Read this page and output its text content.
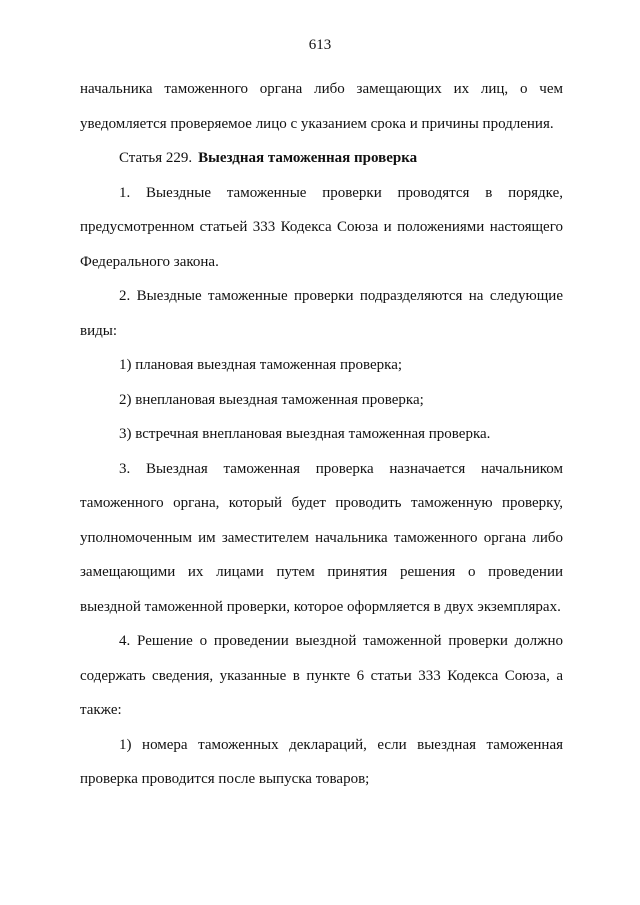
613

начальника таможенного органа либо замещающих их лиц, о чем уведомляется проверяемое лицо с указанием срока и причины продления.

Статья 229. Выездная таможенная проверка

1. Выездные таможенные проверки проводятся в порядке, предусмотренном статьей 333 Кодекса Союза и положениями настоящего Федерального закона.

2. Выездные таможенные проверки подразделяются на следующие виды:

1) плановая выездная таможенная проверка;

2) внеплановая выездная таможенная проверка;

3) встречная внеплановая выездная таможенная проверка.

3. Выездная таможенная проверка назначается начальником таможенного органа, который будет проводить таможенную проверку, уполномоченным им заместителем начальника таможенного органа либо замещающими их лицами путем принятия решения о проведении выездной таможенной проверки, которое оформляется в двух экземплярах.

4. Решение о проведении выездной таможенной проверки должно содержать сведения, указанные в пункте 6 статьи 333 Кодекса Союза, а также:

1) номера таможенных деклараций, если выездная таможенная проверка проводится после выпуска товаров;
